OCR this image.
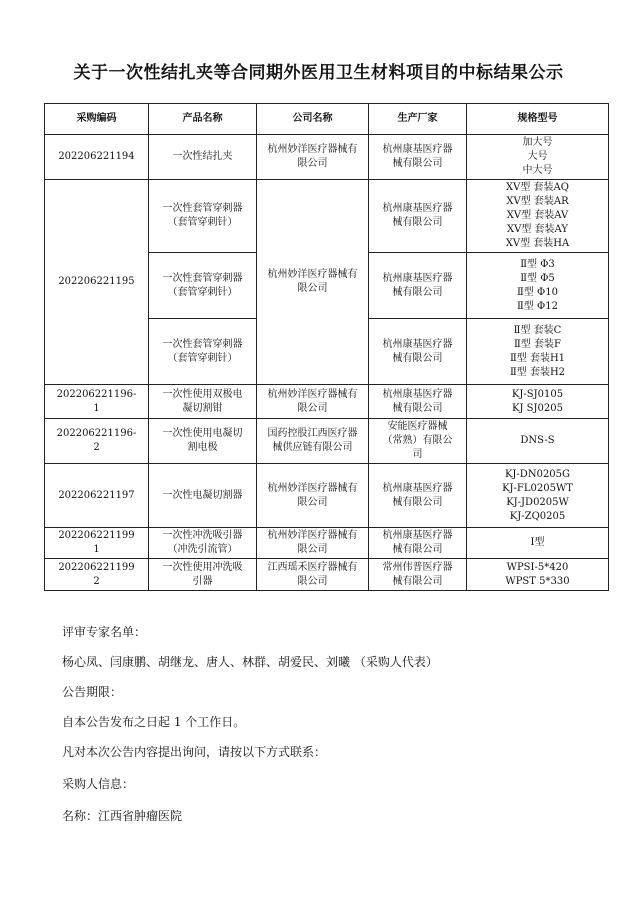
关于一次性结扎夹等合同期外医用卫生材料项目的中标结果公示
采购编码	产品名称	公司名称	生产厂家	规格型号

202206221194	一次性结扎夹	杭州妙洋医疗器械有限公司	杭州康基医疗器械有限公司	加大号
大号
中大号

202206221195	一次性套管穿刺器（套管穿刺针）	杭州妙洋医疗器械有限公司	杭州康基医疗器械有限公司	XV型 套装AQ
XV型 套装AR
XV型 套装AV
XV型 套装AY
XV型 套装HA

	一次性套管穿刺器（套管穿刺针）		杭州康基医疗器械有限公司	Ⅱ型 Φ3
Ⅱ型 Φ5
Ⅱ型 Φ10
Ⅱ型 Φ12

	一次性套管穿刺器（套管穿刺针）		杭州康基医疗器械有限公司	Ⅱ型 套装C
Ⅱ型 套装F
Ⅱ型 套装H1
Ⅱ型 套装H2

202206221196-1	一次性使用双极电凝切割钳	杭州妙洋医疗器械有限公司	杭州康基医疗器械有限公司	KJ-SJ0105
KJ SJ0205

202206221196-2	一次性使用电凝切割电极	国药控股江西医疗器械供应链有限公司	安能医疗器械（常熟）有限公司	DNS-S

202206221197	一次性电凝切割器	杭州妙洋医疗器械有限公司	杭州康基医疗器械有限公司	KJ-DN0205G
KJ-FL0205WT
KJ-JD0205W
KJ-ZQ0205

202206221199 1	一次性冲洗吸引器（冲洗引流管）	杭州妙洋医疗器械有限公司	杭州康基医疗器械有限公司	Ⅰ型

202206221199 2	一次性使用冲洗吸引器	江西瑶禾医疗器械有限公司	常州伟普医疗器械有限公司	WPSI-5*420
WPST 5*330

评审专家名单：

杨心凤、闫康鹏、胡继龙、唐人、林群、胡爱民、刘曦 （采购人代表）

公告期限：

自本公告发布之日起 1 个工作日。

凡对本次公告内容提出询问，请按以下方式联系：

采购人信息：

名称：江西省肿瘤医院
